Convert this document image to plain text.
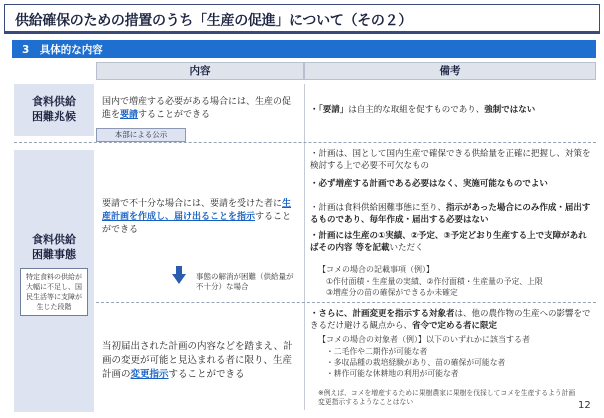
供給確保のための措置のうち「生産の促進」について（その２）
3　具体的な内容
内容	備考
食料供給
困難兆候
食料供給
困難事態
特定食料の供給が大幅に不足し、国民生活等に支障が生じた段階
国内で増産する必要がある場合には、生産の促進を要請することができる
本部による公示
要請で不十分な場合には、要請を受けた者に生産計画を作成し、届け出ることを指示することができる
事態の解消が困難（供給量が不十分）な場合
当初届出された計画の内容などを踏まえ、計画の変更が可能と見込まれる者に限り、生産計画の変更指示することができる
・「要請」は自主的な取組を促すものであり、強制ではない
・計画は、国として国内生産で確保できる供給量を正確に把握し、対策を検討する上で必要不可欠なもの
・必ず増産する計画である必要はなく、実施可能なものでよい
・計画は食料供給困難事態に至り、指示があった場合にのみ作成・届出するものであり、毎年作成・届出する必要はない
・計画には生産の①実績、②予定、③予定どおり生産する上で支障があればその内容 等を記載いただく
【コメの場合の記載事項（例）】
①作付面積・生産量の実績、②作付面積・生産量の予定、上限
③増産分の苗の確保ができるか未確定
・さらに、計画変更を指示する対象者は、他の農作物の生産への影響をできるだけ避ける観点から、省令で定める者に限定
【コメの場合の対象者（例）】以下のいずれかに該当する者
・二毛作や二期作が可能な者
・多収品種の栽培経験があり、苗の確保が可能な者
・耕作可能な休耕地の利用が可能な者
※例えば、コメを増産するために果樹農家に果樹を伐採してコメを生産するよう計画変更指示するようなことはない	12
